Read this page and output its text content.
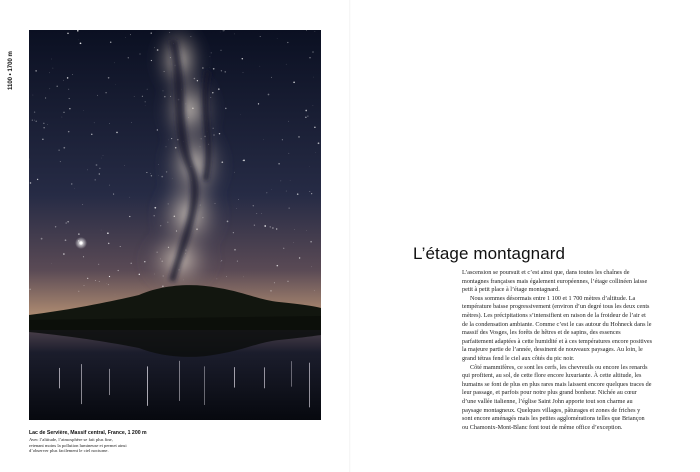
1100 • 1700 m
Lac de Servière, Massif central, France, 1 200 m
Avec l’altitude, l’atmosphère se fait plus fine,
retenant moins la pollution lumineuse et permet ainsi
d’observer plus facilement le ciel nocturne.
L’étage montagnard

L’ascension se poursuit et c’est ainsi que, dans toutes les chaînes de montagnes françaises mais également européennes, l’étage collinéen laisse petit à petit place à l’étage montagnard.

Nous sommes désormais entre 1 100 et 1 700 mètres d’altitude. La température baisse progressivement (environ d’un degré tous les deux cents mètres). Les précipitations s’intensifient en raison de la froideur de l’air et de la condensation ambiante. Comme c’est le cas autour du Hohneck dans le massif des Vosges, les forêts de hêtres et de sapins, des essences parfaitement adaptées à cette humidité et à ces températures encore positives la majeure partie de l’année, dessinent de nouveaux paysages. Au loin, le grand tétras fend le ciel aux côtés du pic noir.

Côté mammifères, ce sont les cerfs, les chevreuils ou encore les renards qui profitent, au sol, de cette flore encore luxuriante. À cette altitude, les humains se font de plus en plus rares mais laissent encore quelques traces de leur passage, et parfois pour notre plus grand bonheur. Nichée au cœur d’une vallée italienne, l’église Saint John apporte tout son charme au paysage montagneux. Quelques villages, pâturages et zones de friches y sont encore aménagés mais les petites agglomérations telles que Briançon ou Chamonix-Mont-Blanc font tout de même office d’exception.
